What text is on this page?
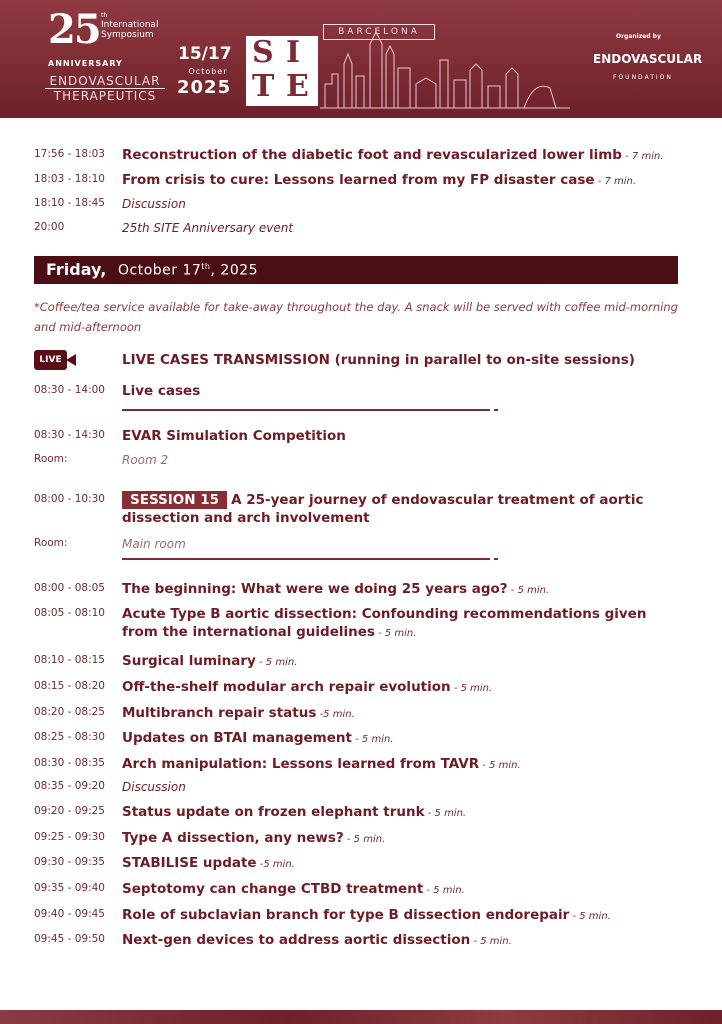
25 th
International
Symposium
ANNIVERSARY
ENDOVASCULAR
THERAPEUTICS
15/17
October
2025
S I
T E
BARCELONA	Organized by
ENDOVASCULAR
FOUNDATION
17:56 - 18:03	Reconstruction of the diabetic foot and revascularized lower limb - 7 min.
18:03 - 18:10	From crisis to cure: Lessons learned from my FP disaster case - 7 min.
18:10 - 18:45	Discussion
20:00	25th SITE Anniversary event
Friday, October 17th, 2025
*Coffee/tea service available for take-away throughout the day. A snack will be served with coffee mid-morning and mid-afternoon
LIVE	LIVE CASES TRANSMISSION (running in parallel to on-site sessions)
08:30 - 14:00	Live cases
08:30 - 14:30	EVAR Simulation Competition
Room:	Room 2
08:00 - 10:30	SESSION 15 A 25-year journey of endovascular treatment of aortic
dissection and arch involvement
Room:	Main room
08:00 - 08:05	The beginning: What were we doing 25 years ago? - 5 min.
08:05 - 08:10	Acute Type B aortic dissection: Confounding recommendations given
from the international guidelines - 5 min.
08:10 - 08:15	Surgical luminary - 5 min.
08:15 - 08:20	Off-the-shelf modular arch repair evolution - 5 min.
08:20 - 08:25	Multibranch repair status -5 min.
08:25 - 08:30	Updates on BTAI management - 5 min.
08:30 - 08:35	Arch manipulation: Lessons learned from TAVR - 5 min.
08:35 - 09:20	Discussion
09:20 - 09:25	Status update on frozen elephant trunk - 5 min.
09:25 - 09:30	Type A dissection, any news? - 5 min.
09:30 - 09:35	STABILISE update -5 min.
09:35 - 09:40	Septotomy can change CTBD treatment - 5 min.
09:40 - 09:45	Role of subclavian branch for type B dissection endorepair - 5 min.
09:45 - 09:50	Next-gen devices to address aortic dissection - 5 min.
